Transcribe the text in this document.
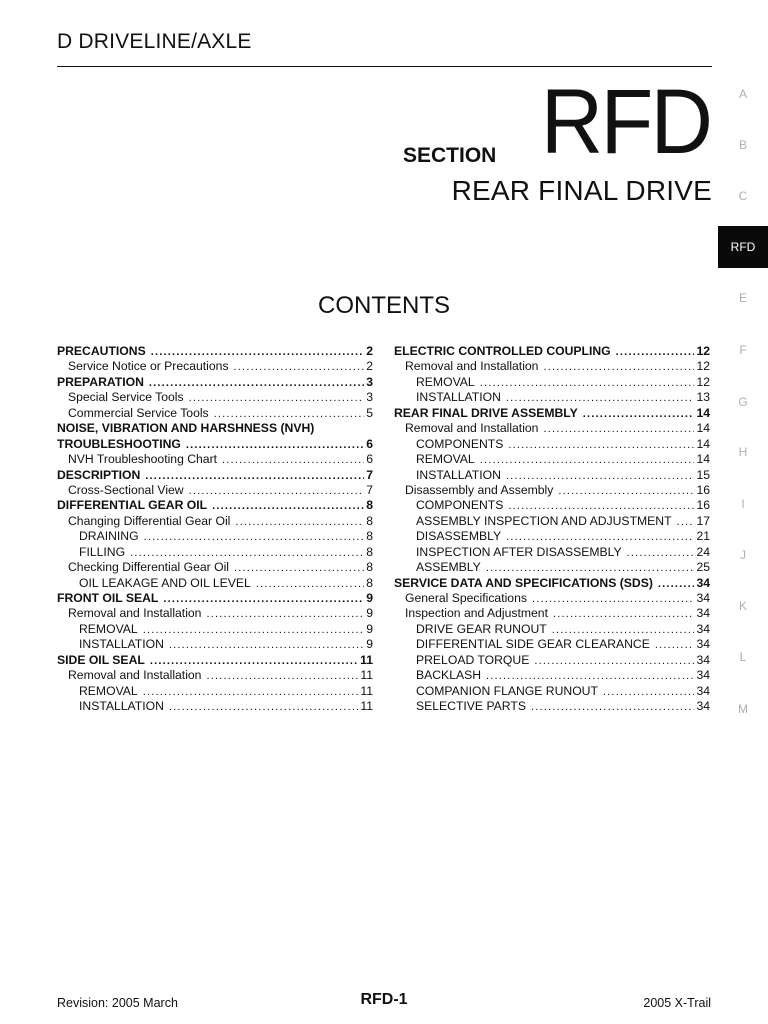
D DRIVELINE/AXLE
SECTION RFD
REAR FINAL DRIVE
CONTENTS
A
B
C
RFD
E
F
G
H
I
J
K
L
M
PRECAUTIONS .....	2
Service Notice or Precautions .....	2
PREPARATION .....	3
Special Service Tools .....	3
Commercial Service Tools .....	5
NOISE, VIBRATION AND HARSHNESS (NVH)
TROUBLESHOOTING .....	6
NVH Troubleshooting Chart .....	6
DESCRIPTION .....	7
Cross-Sectional View .....	7
DIFFERENTIAL GEAR OIL .....	8
Changing Differential Gear Oil .....	8
DRAINING .....	8
FILLING .....	8
Checking Differential Gear Oil .....	8
OIL LEAKAGE AND OIL LEVEL .....	8
FRONT OIL SEAL .....	9
Removal and Installation .....	9
REMOVAL .....	9
INSTALLATION .....	9
SIDE OIL SEAL .....	11
Removal and Installation .....	11
REMOVAL .....	11
INSTALLATION .....	11
ELECTRIC CONTROLLED COUPLING .....	12
Removal and Installation .....	12
REMOVAL .....	12
INSTALLATION .....	13
REAR FINAL DRIVE ASSEMBLY .....	14
Removal and Installation .....	14
COMPONENTS .....	14
REMOVAL .....	14
INSTALLATION .....	15
Disassembly and Assembly .....	16
COMPONENTS .....	16
ASSEMBLY INSPECTION AND ADJUSTMENT ..... 17
DISASSEMBLY .....	21
INSPECTION AFTER DISASSEMBLY .....	24
ASSEMBLY .....	25
SERVICE DATA AND SPECIFICATIONS (SDS) .....	34
General Specifications .....	34
Inspection and Adjustment .....	34
DRIVE GEAR RUNOUT .....	34
DIFFERENTIAL SIDE GEAR CLEARANCE .....	34
PRELOAD TORQUE .....	34
BACKLASH .....	34
COMPANION FLANGE RUNOUT .....	34
SELECTIVE PARTS .....	34
Revision: 2005 March	RFD-1	2005 X-Trail
